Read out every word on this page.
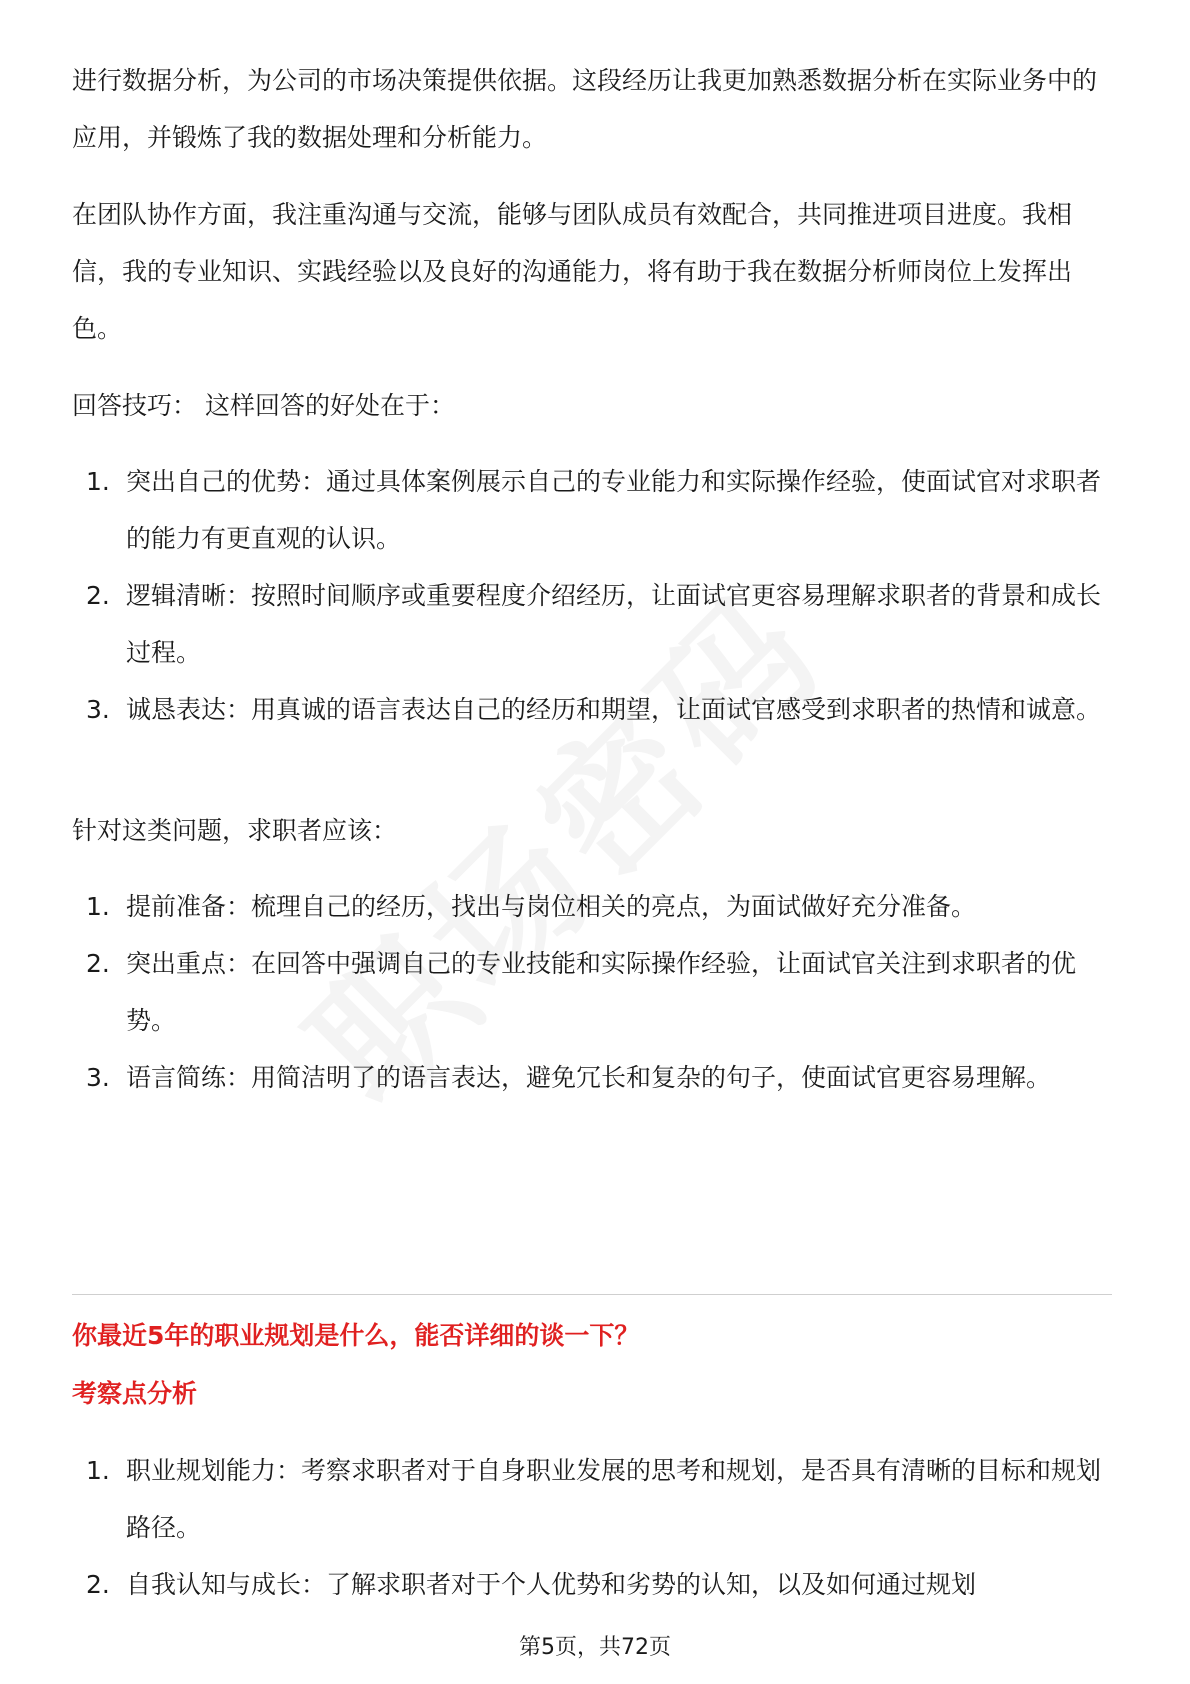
进行数据分析，为公司的市场决策提供依据。这段经历让我更加熟悉数据分析在实际业务中的应用，并锻炼了我的数据处理和分析能力。

在团队协作方面，我注重沟通与交流，能够与团队成员有效配合，共同推进项目进度。我相信，我的专业知识、实践经验以及良好的沟通能力，将有助于我在数据分析师岗位上发挥出色。

回答技巧： 这样回答的好处在于：

1. 突出自己的优势：通过具体案例展示自己的专业能力和实际操作经验，使面试官对求职者的能力有更直观的认识。
2. 逻辑清晰：按照时间顺序或重要程度介绍经历，让面试官更容易理解求职者的背景和成长过程。
3. 诚恳表达：用真诚的语言表达自己的经历和期望，让面试官感受到求职者的热情和诚意。

针对这类问题，求职者应该：

1. 提前准备：梳理自己的经历，找出与岗位相关的亮点，为面试做好充分准备。
2. 突出重点：在回答中强调自己的专业技能和实际操作经验，让面试官关注到求职者的优势。
3. 语言简练：用简洁明了的语言表达，避免冗长和复杂的句子，使面试官更容易理解。
你最近5年的职业规划是什么，能否详细的谈一下？
考察点分析
1. 职业规划能力：考察求职者对于自身职业发展的思考和规划，是否具有清晰的目标和规划路径。
2. 自我认知与成长：了解求职者对于个人优势和劣势的认知，以及如何通过规划
第5页，共72页
